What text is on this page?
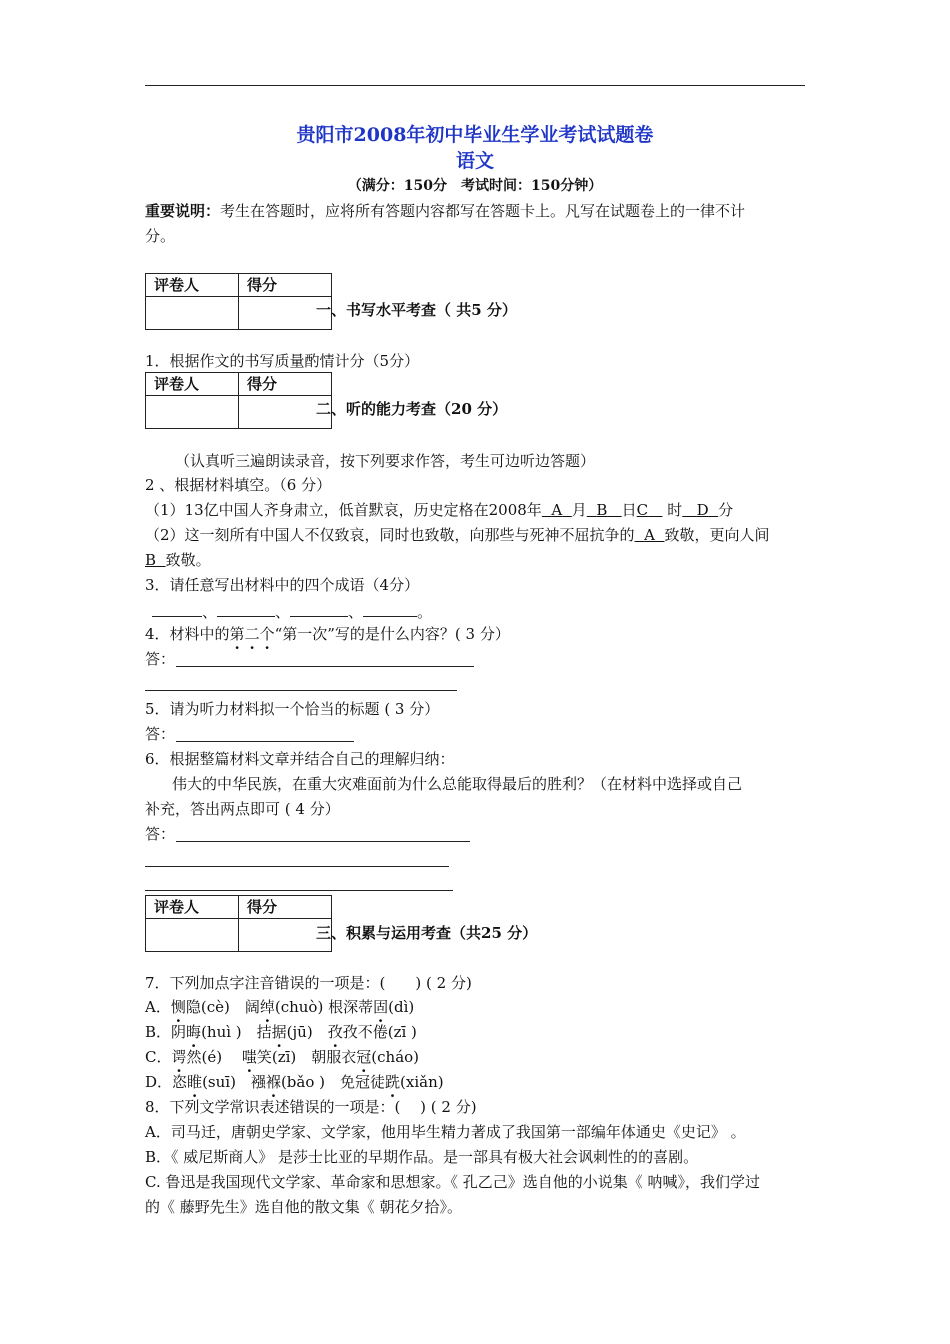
贵阳市2008年初中毕业生学业考试试题卷
语文
（满分：150分　考试时间：150分钟）
重要说明：考生在答题时，应将所有答题内容都写在答题卡上。凡写在试题卷上的一律不计
分。
评卷人	得分

一、书写水平考查（ 共5 分）
1．根据作文的书写质量酌情计分（5分）
评卷人	得分

二、听的能力考查（20 分）
（认真听三遍朗读录音，按下列要求作答，考生可边听边答题）
2 、根据材料填空。（6 分）
（1）13亿中国人齐身肃立，低首默哀，历史定格在2008年 A 月 B 日C 时 D 分
（2）这一刻所有中国人不仅致哀，同时也致敬，向那些与死神不屈抗争的 A 致敬，更向人间
B 致敬。
3．请任意写出材料中的四个成语（4分）
、	、	、	。
4．材料中的第二个“第一次”写的是什么内容？( 3 分）
答：
5．请为听力材料拟一个恰当的标题 ( 3 分）
答：
6．根据整篇材料文章并结合自己的理解归纳：
伟大的中华民族，在重大灾难面前为什么总能取得最后的胜利？（在材料中选择或自己
补充，答出两点即可 ( 4 分）
答：
评卷人	得分

三、积累与运用考查（共25 分）
7．下列加点字注音错误的一项是：(　　) ( 2 分)
A．恻隐(cè)　阔绰(chuò) 根深蒂固(dì)
B．阴晦(huì )　拮据(jū)　孜孜不倦(zī )
C．谔然(é)　 嗤笑(zī)　朝服衣冠(cháo)
D．恣睢(suī)　襁褓(bǎo )　免冠徒跣(xiǎn)
8．下列文学常识表述错误的一项是：(　 ) ( 2 分)
A．司马迁，唐朝史学家、文学家，他用毕生精力著成了我国第一部编年体通史《史记》 。
B．《 威尼斯商人》 是莎士比亚的早期作品。是一部具有极大社会讽刺性的的喜剧。
C. 鲁迅是我国现代文学家、革命家和思想家。《 孔乙己》选自他的小说集《 呐喊》，我们学过
的《 藤野先生》选自他的散文集《 朝花夕拾》。
